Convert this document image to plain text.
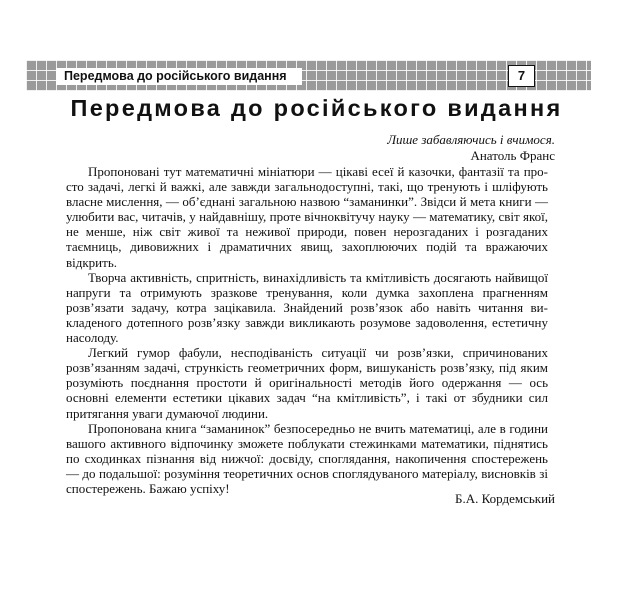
Передмова до російського видання	7
Передмова до російського видання
Лише забавляючись і вчимося.
Анатоль Франс

Пропоновані тут математичні мініатюри — цікаві есеї й казочки, фантазії та просто задачі, легкі й важкі, але завжди загальнодоступні, такі, що тренують і шліфують власне мислення, — об’єднані загальною назвою “заманинки”. Звідси й мета книги — улюбити вас, читачів, у найдавнішу, проте вічноквітучу науку — математику, світ якої, не менше, ніж світ живої та неживої природи, повен нерозгаданих і розгаданих таємниць, дивовижних і драматичних явищ, захоплюючих подій та вражаючих відкрить.

Творча активність, спритність, винахідливість та кмітливість досягають найвищої напруги та отримують зразкове тренування, коли думка захоплена прагненням розв’язати задачу, котра зацікавила. Знайдений розв’язок або навіть читання викладеного дотепного розв’язку завжди викликають розумове задоволення, естетичну насолоду.

Легкий гумор фабули, несподіваність ситуації чи розв’язки, спричинованих розв’язанням задачі, стрункість геометричних форм, вишуканість розв’язку, під яким розуміють поєднання простоти й оригінальності методів його одержання — ось основні елементи естетики цікавих задач “на кмітливість”, і такі от збудники сил притягання уваги думаючої людини.

Пропонована книга “заманинок” безпосередньо не вчить математиці, але в години вашого активного відпочинку зможете поблукати стежинками математики, піднятись по сходинках пізнання від нижчої: досвіду, споглядання, накопичення спостережень — до подальшої: розуміння теоретичних основ споглядуваного матеріалу, висновків зі спостережень. Бажаю успіху!

Б.А. Кордемський
